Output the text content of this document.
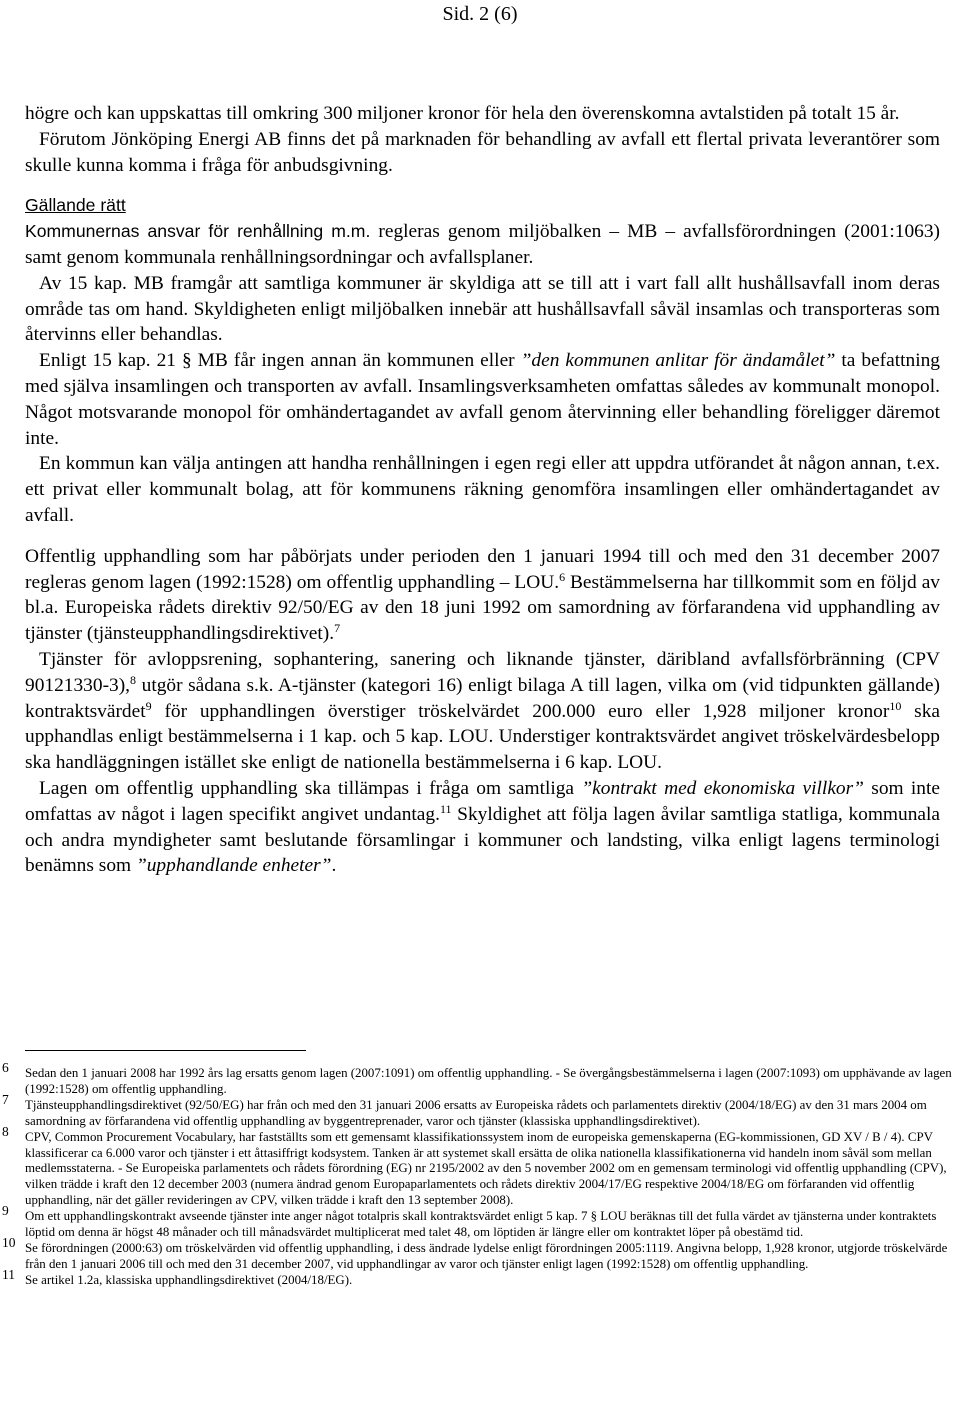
Sid. 2 (6)

högre och kan uppskattas till omkring 300 miljoner kronor för hela den överenskomna avtalstiden på totalt 15 år.

Förutom Jönköping Energi AB finns det på marknaden för behandling av avfall ett flertal privata leverantörer som skulle kunna komma i fråga för anbudsgivning.

Gällande rätt

Kommunernas ansvar för renhållning m.m. regleras genom miljöbalken – MB – avfallsförordningen (2001:1063) samt genom kommunala renhållningsordningar och avfallsplaner.

Av 15 kap. MB framgår att samtliga kommuner är skyldiga att se till att i vart fall allt hushållsavfall inom deras område tas om hand. Skyldigheten enligt miljöbalken innebär att hushållsavfall såväl insamlas och transporteras som återvinns eller behandlas.

Enligt 15 kap. 21 § MB får ingen annan än kommunen eller ”den kommunen anlitar för ändamålet” ta befattning med själva insamlingen och transporten av avfall. Insamlingsverksamheten omfattas således av kommunalt monopol. Något motsvarande monopol för omhändertagandet av avfall genom återvinning eller behandling föreligger däremot inte.

En kommun kan välja antingen att handha renhållningen i egen regi eller att uppdra utförandet åt någon annan, t.ex. ett privat eller kommunalt bolag, att för kommunens räkning genomföra insamlingen eller omhändertagandet av avfall.

Offentlig upphandling som har påbörjats under perioden den 1 januari 1994 till och med den 31 december 2007 regleras genom lagen (1992:1528) om offentlig upphandling – LOU.$^6$ Bestämmelserna har tillkommit som en följd av bl.a. Europeiska rådets direktiv 92/50/EG av den 18 juni 1992 om samordning av förfarandena vid upphandling av tjänster (tjänsteupphandlingsdirektivet).$^7$

Tjänster för avloppsrening, sophantering, sanering och liknande tjänster, däribland avfallsförbränning (CPV 90121330-3),$^8$ utgör sådana s.k. A-tjänster (kategori 16) enligt bilaga A till lagen, vilka om (vid tidpunkten gällande) kontraktsvärdet$^9$ för upphandlingen överstiger tröskelvärdet 200.000 euro eller 1,928 miljoner kronor$^{10}$ ska upphandlas enligt bestämmelserna i 1 kap. och 5 kap. LOU. Understiger kontraktsvärdet angivet tröskelvärdesbelopp ska handläggningen istället ske enligt de nationella bestämmelserna i 6 kap. LOU.

Lagen om offentlig upphandling ska tillämpas i fråga om samtliga ”kontrakt med ekonomiska villkor” som inte omfattas av något i lagen specifikt angivet undantag.$^{11}$ Skyldighet att följa lagen åvilar samtliga statliga, kommunala och andra myndigheter samt beslutande församlingar i kommuner och landsting, vilka enligt lagens terminologi benämns som ”upphandlande enheter”.

6 Sedan den 1 januari 2008 har 1992 års lag ersatts genom lagen (2007:1091) om offentlig upphandling. - Se övergångsbestämmelserna i lagen (2007:1093) om upphävande av lagen (1992:1528) om offentlig upphandling.
7 Tjänsteupphandlingsdirektivet (92/50/EG) har från och med den 31 januari 2006 ersatts av Europeiska rådets och parlamentets direktiv (2004/18/EG) av den 31 mars 2004 om samordning av förfarandena vid offentlig upphandling av byggentreprenader, varor och tjänster (klassiska upphandlingsdirektivet).
8 CPV, Common Procurement Vocabulary, har fastställts som ett gemensamt klassifikationssystem inom de europeiska gemenskaperna (EG-kommissionen, GD XV / B / 4). CPV klassificerar ca 6.000 varor och tjänster i ett åttasiffrigt kodsystem. Tanken är att systemet skall ersätta de olika nationella klassifikationerna vid handeln inom såväl som mellan medlemsstaterna. - Se Europeiska parlamentets och rådets förordning (EG) nr 2195/2002 av den 5 november 2002 om en gemensam terminologi vid offentlig upphandling (CPV), vilken trädde i kraft den 12 december 2003 (numera ändrad genom Europaparlamentets och rådets direktiv 2004/17/EG respektive 2004/18/EG om förfaranden vid offentlig upphandling, när det gäller revideringen av CPV, vilken trädde i kraft den 13 september 2008).
9 Om ett upphandlingskontrakt avseende tjänster inte anger något totalpris skall kontraktsvärdet enligt 5 kap. 7 § LOU beräknas till det fulla värdet av tjänsterna under kontraktets löptid om denna är högst 48 månader och till månadsvärdet multiplicerat med talet 48, om löptiden är längre eller om kontraktet löper på obestämd tid.
10 Se förordningen (2000:63) om tröskelvärden vid offentlig upphandling, i dess ändrade lydelse enligt förordningen 2005:1119. Angivna belopp, 1,928 kronor, utgjorde tröskelvärde från den 1 januari 2006 till och med den 31 december 2007, vid upphandlingar av varor och tjänster enligt lagen (1992:1528) om offentlig upphandling.
11 Se artikel 1.2a, klassiska upphandlingsdirektivet (2004/18/EG).
